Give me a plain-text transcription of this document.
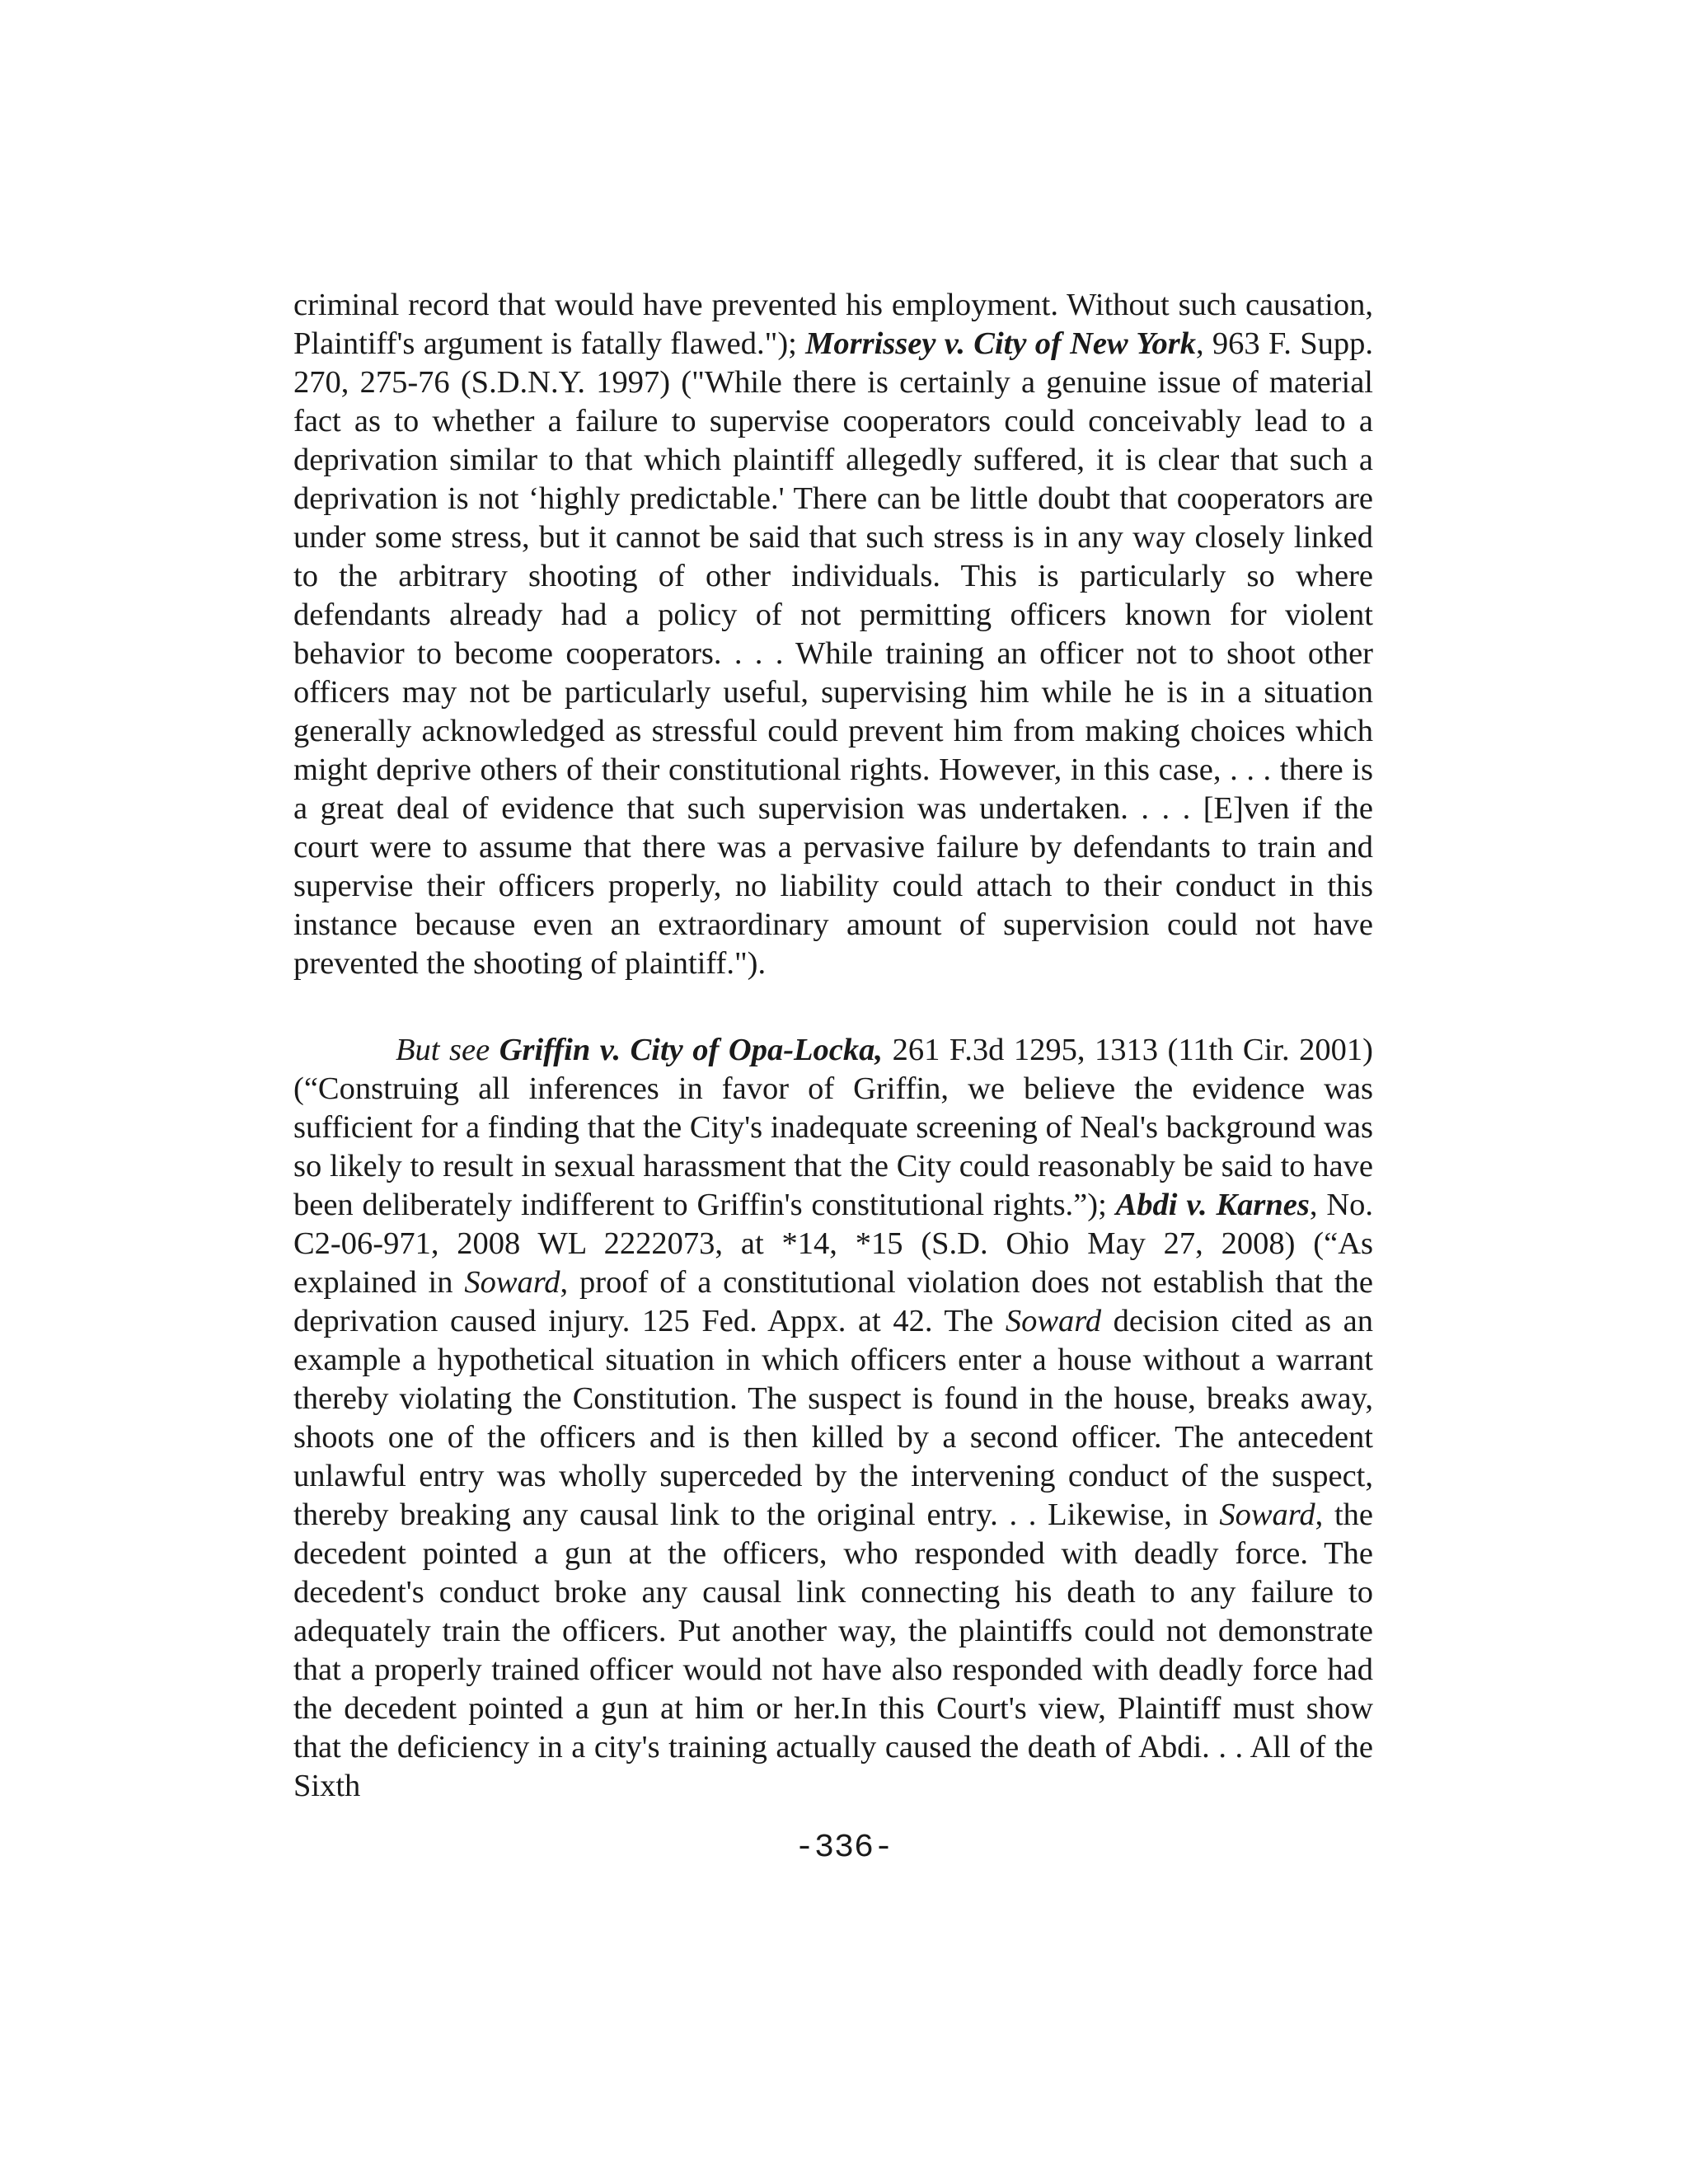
criminal record that would have prevented his employment. Without such causation, Plaintiff's argument is fatally flawed."); Morrissey v. City of New York, 963 F. Supp. 270, 275-76 (S.D.N.Y. 1997) ("While there is certainly a genuine issue of material fact as to whether a failure to supervise cooperators could conceivably lead to a deprivation similar to that which plaintiff allegedly suffered, it is clear that such a deprivation is not ‘highly predictable.' There can be little doubt that cooperators are under some stress, but it cannot be said that such stress is in any way closely linked to the arbitrary shooting of other individuals. This is particularly so where defendants already had a policy of not permitting officers known for violent behavior to become cooperators. . . . While training an officer not to shoot other officers may not be particularly useful, supervising him while he is in a situation generally acknowledged as stressful could prevent him from making choices which might deprive others of their constitutional rights. However, in this case, . . . there is a great deal of evidence that such supervision was undertaken. . . . [E]ven if the court were to assume that there was a pervasive failure by defendants to train and supervise their officers properly, no liability could attach to their conduct in this instance because even an extraordinary amount of supervision could not have prevented the shooting of plaintiff.").

But see Griffin v. City of Opa-Locka, 261 F.3d 1295, 1313 (11th Cir. 2001) (“Construing all inferences in favor of Griffin, we believe the evidence was sufficient for a finding that the City's inadequate screening of Neal's background was so likely to result in sexual harassment that the City could reasonably be said to have been deliberately indifferent to Griffin's constitutional rights.”); Abdi v. Karnes, No. C2-06-971, 2008 WL 2222073, at *14, *15 (S.D. Ohio May 27, 2008) (“As explained in Soward, proof of a constitutional violation does not establish that the deprivation caused injury. 125 Fed. Appx. at 42. The Soward decision cited as an example a hypothetical situation in which officers enter a house without a warrant thereby violating the Constitution. The suspect is found in the house, breaks away, shoots one of the officers and is then killed by a second officer. The antecedent unlawful entry was wholly superceded by the intervening conduct of the suspect, thereby breaking any causal link to the original entry. . . Likewise, in Soward, the decedent pointed a gun at the officers, who responded with deadly force. The decedent's conduct broke any causal link connecting his death to any failure to adequately train the officers. Put another way, the plaintiffs could not demonstrate that a properly trained officer would not have also responded with deadly force had the decedent pointed a gun at him or her.In this Court's view, Plaintiff must show that the deficiency in a city's training actually caused the death of Abdi. . . All of the Sixth

-336-
